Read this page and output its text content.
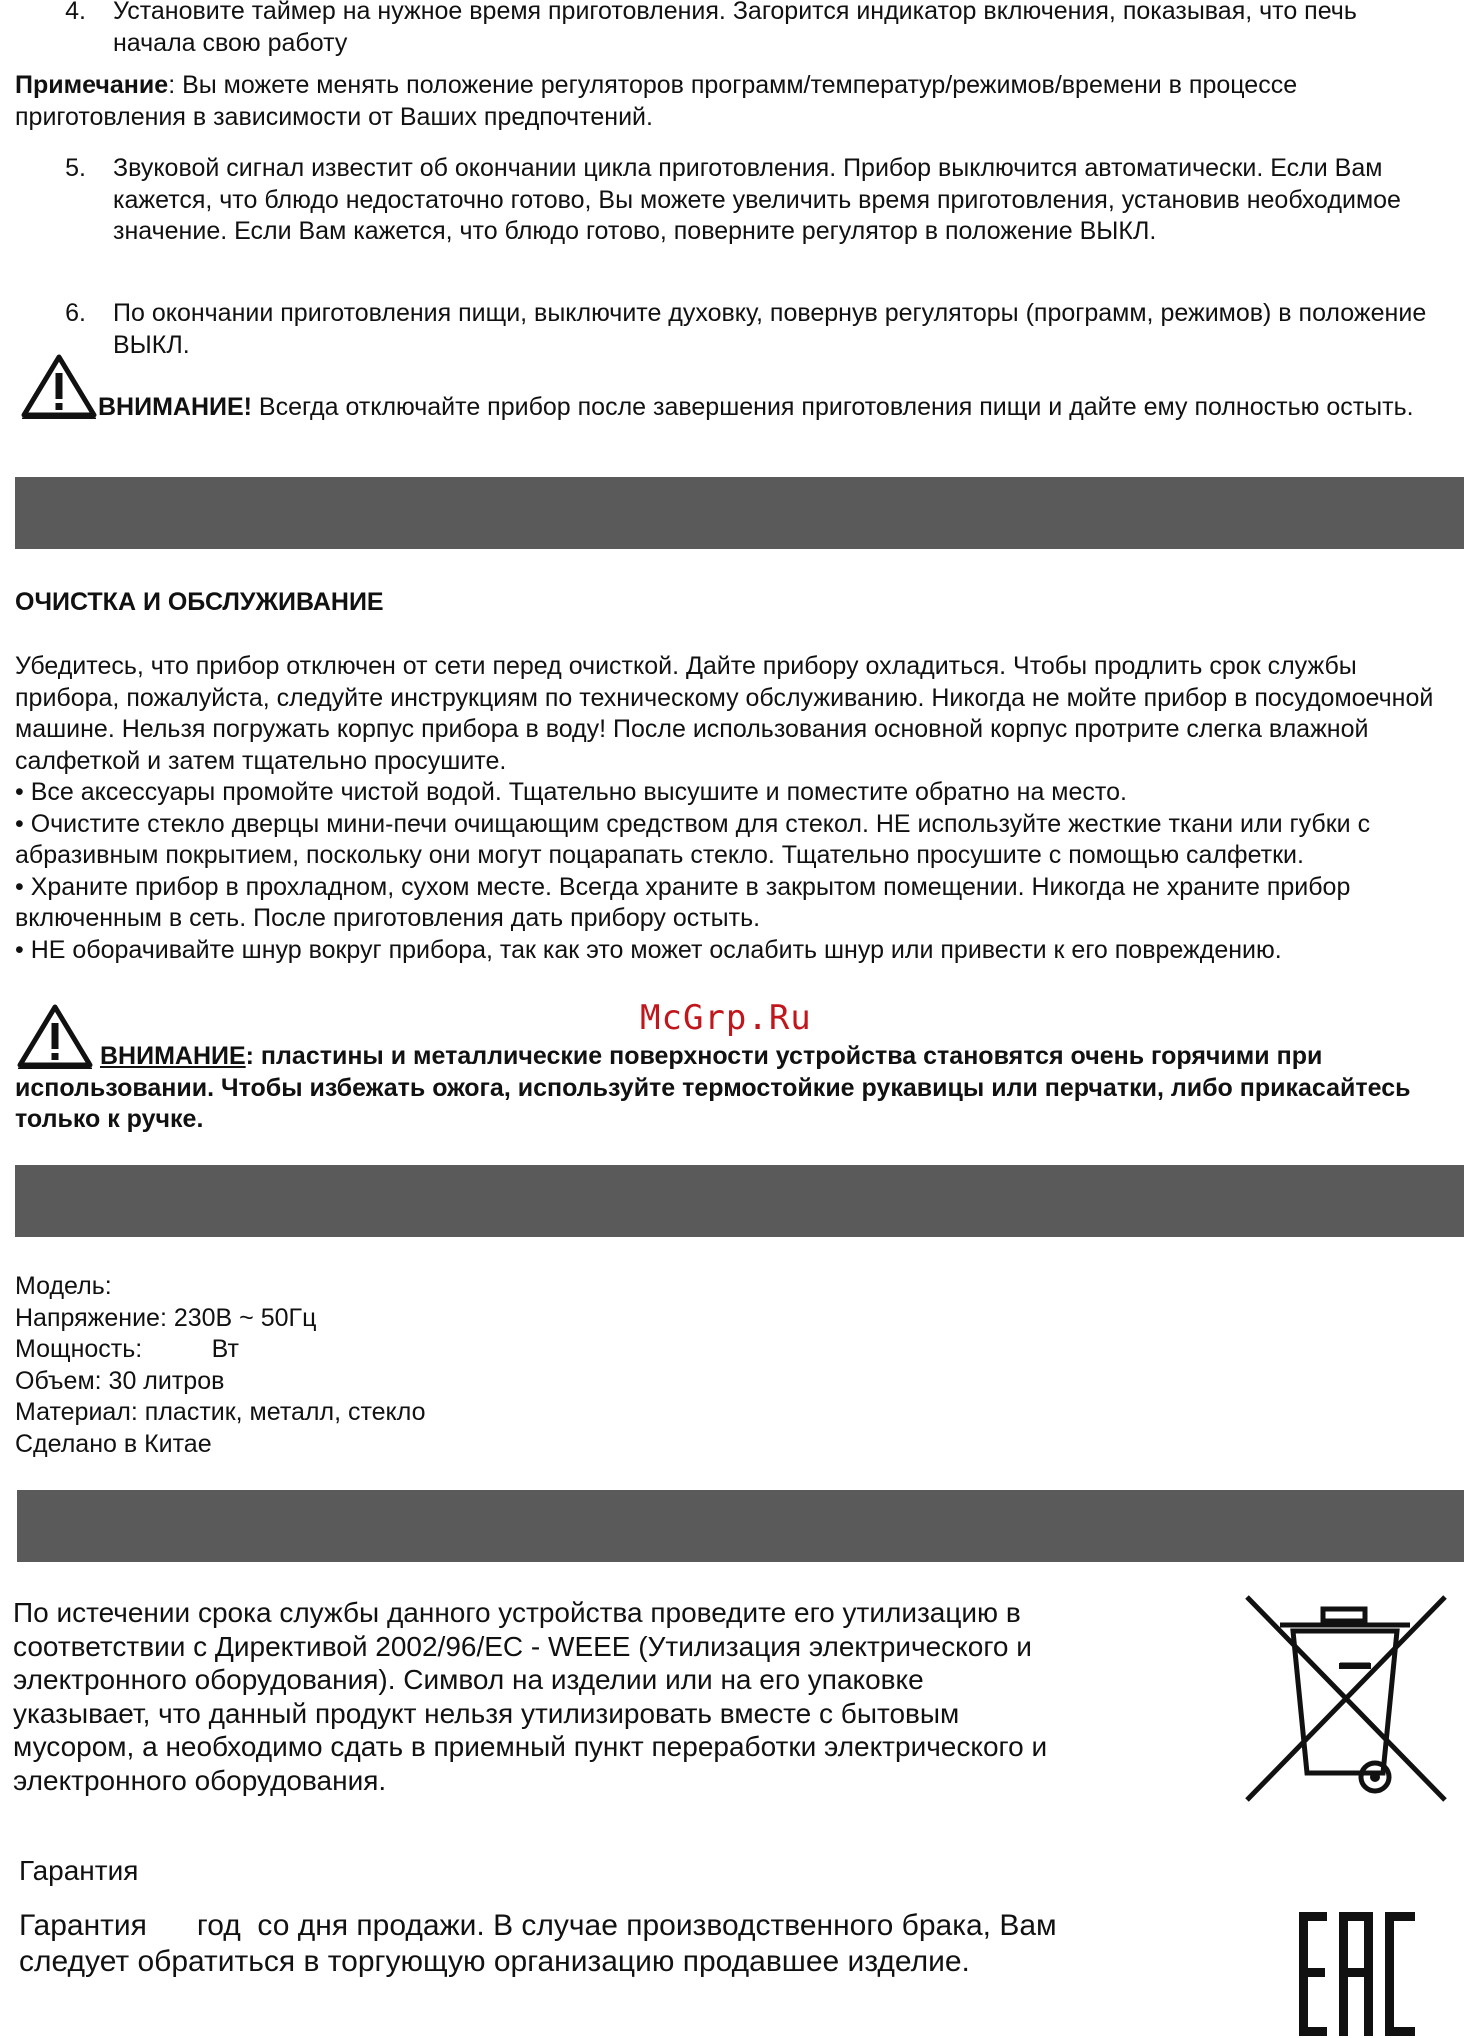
4. Установите таймер на нужное время приготовления. Загорится индикатор включения, показывая, что печь начала свою работу
Примечание: Вы можете менять положение регуляторов программ/температур/режимов/времени в процессе приготовления в зависимости от Ваших предпочтений.
5. Звуковой сигнал известит об окончании цикла приготовления. Прибор выключится автоматически. Если Вам кажется, что блюдо недостаточно готово, Вы можете увеличить время приготовления, установив необходимое значение. Если Вам кажется, что блюдо готово, поверните регулятор в положение ВЫКЛ.
6. По окончании приготовления пищи, выключите духовку, повернув регуляторы (программ, режимов) в положение ВЫКЛ.
ВНИМАНИЕ! Всегда отключайте прибор после завершения приготовления пищи и дайте ему полностью остыть.
ОЧИСТКА И ОБСЛУЖИВАНИЕ
Убедитесь, что прибор отключен от сети перед очисткой. Дайте прибору охладиться. Чтобы продлить срок службы прибора, пожалуйста, следуйте инструкциям по техническому обслуживанию. Никогда не мойте прибор в посудомоечной машине. Нельзя погружать корпус прибора в воду! После использования основной корпус протрите слегка влажной салфеткой и затем тщательно просушите.
• Все аксессуары промойте чистой водой. Тщательно высушите и поместите обратно на место.
• Очистите стекло дверцы мини-печи очищающим средством для стекол. НЕ используйте жесткие ткани или губки с абразивным покрытием, поскольку они могут поцарапать стекло. Тщательно просушите с помощью салфетки.
• Храните прибор в прохладном, сухом месте. Всегда храните в закрытом помещении. Никогда не храните прибор включенным в сеть. После приготовления дать прибору остыть.
• НЕ оборачивайте шнур вокруг прибора, так как это может ослабить шнур или привести к его повреждению.
McGrp.Ru
ВНИМАНИЕ: пластины и металлические поверхности устройства становятся очень горячими при использовании. Чтобы избежать ожога, используйте термостойкие рукавицы или перчатки, либо прикасайтесь только к ручке.
Модель:
Напряжение: 230В ~ 50Гц
Мощность:          Вт
Объем: 30 литров
Материал: пластик, металл, стекло
Сделано в Китае
По истечении срока службы данного устройства проведите его утилизацию в соответствии с Директивой 2002/96/EC - WEEE (Утилизация электрического и электронного оборудования). Символ на изделии или на его упаковке указывает, что данный продукт нельзя утилизировать вместе с бытовым мусором, а необходимо сдать в приемный пункт переработки электрического и электронного оборудования.
Гарантия
Гарантия      год  со дня продажи. В случае производственного брака, Вам следует обратиться в торгующую организацию продавшее изделие.
